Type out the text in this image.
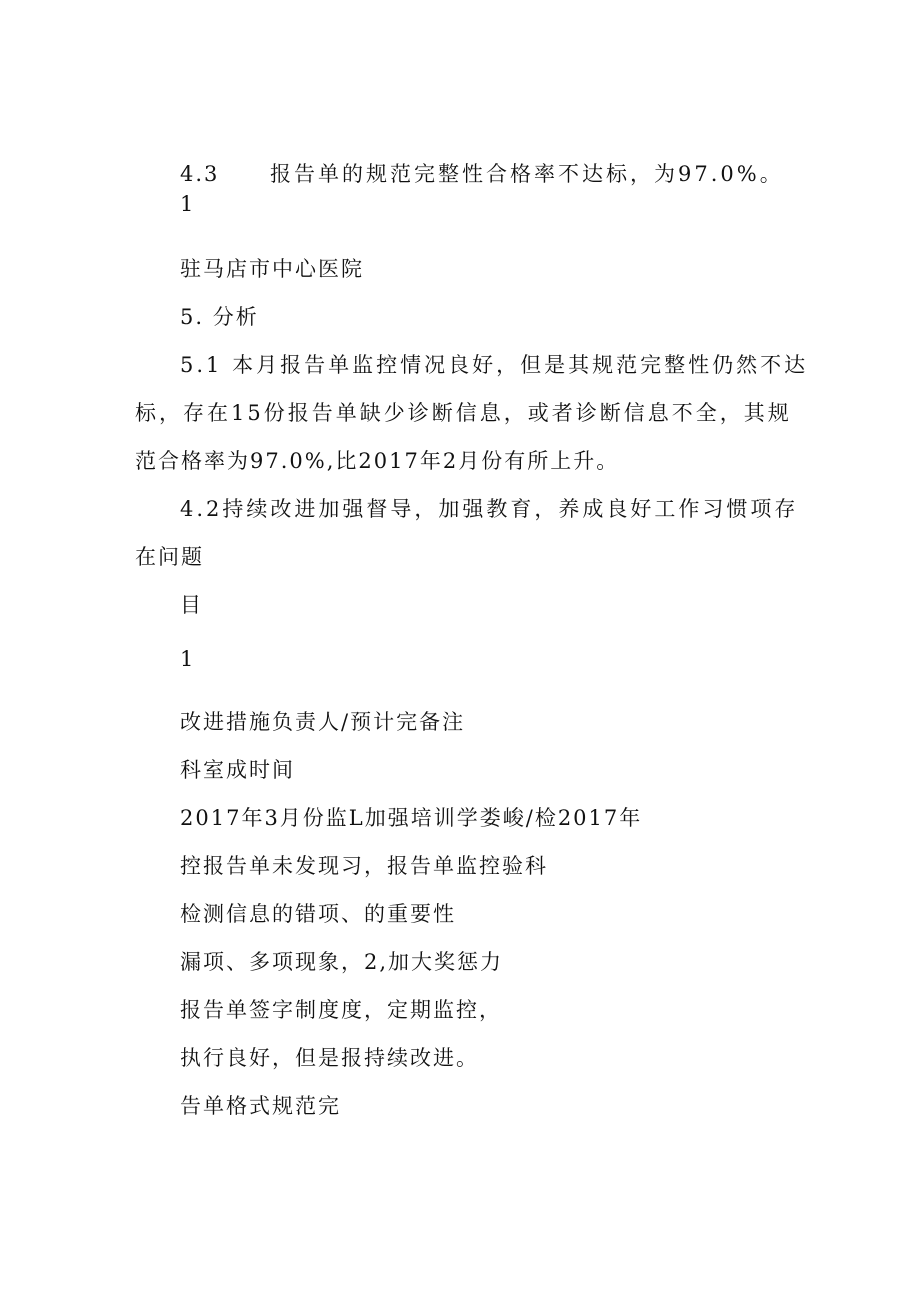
4.3 报告单的规范完整性合格率不达标，为97.0%。
1
驻马店市中心医院
5. 分析
5.1 本月报告单监控情况良好，但是其规范完整性仍然不达
标，存在15份报告单缺少诊断信息，或者诊断信息不全，其规
范合格率为97.0%,比2017年2月份有所上升。
4.2持续改进加强督导，加强教育，养成良好工作习惯项存
在问题
目
1
改进措施负责人/预计完备注
科室成时间
2017年3月份监L加强培训学娄峻/检2017年
控报告单未发现习，报告单监控验科
检测信息的错项、的重要性
漏项、多项现象，2,加大奖惩力
报告单签字制度度，定期监控，
执行良好，但是报持续改进。
告单格式规范完
